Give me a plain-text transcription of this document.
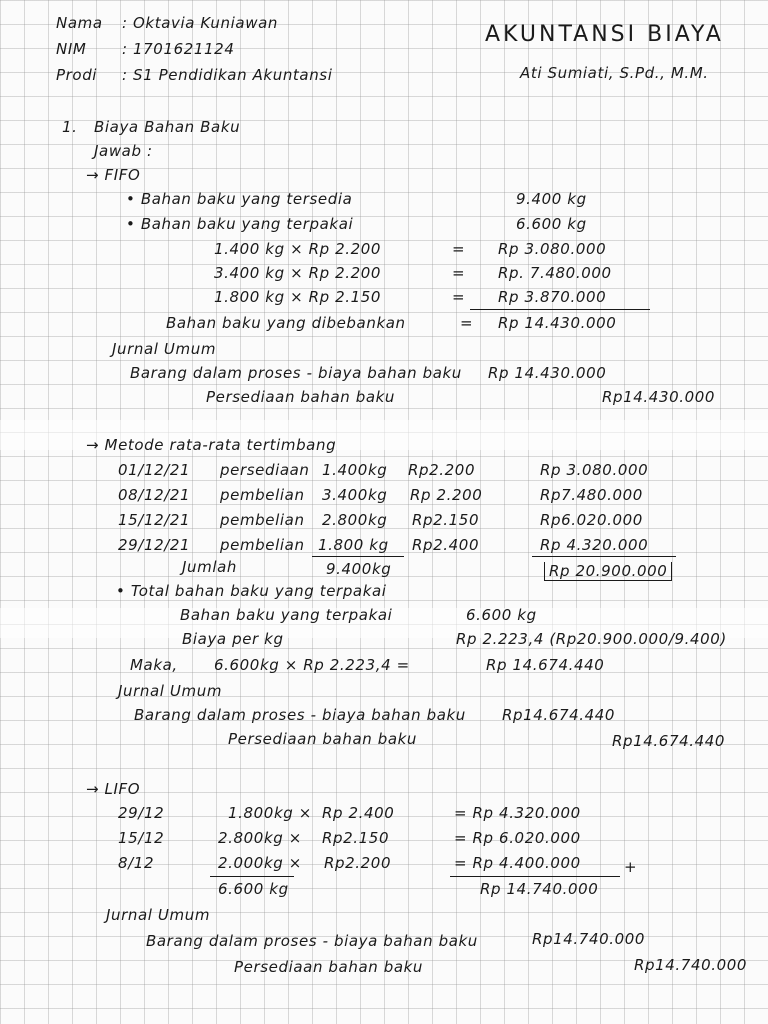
Nama : Oktavia Kuniawan
NIM : 1701621124
Prodi : S1 Pendidikan Akuntansi
AKUNTANSI BIAYA
Ati Sumiati, S.Pd., M.M.
1. Biaya Bahan Baku
Jawab :
→ FIFO
• Bahan baku yang tersedia	9.400 kg
• Bahan baku yang terpakai	6.600 kg
1.400 kg × Rp 2.200	= Rp 3.080.000
3.400 kg × Rp 2.200	= Rp. 7.480.000
1.800 kg × Rp 2.150	= Rp 3.870.000
Bahan baku yang dibebankan	= Rp 14.430.000
Jurnal Umum
Barang dalam proses - biaya bahan baku Rp 14.430.000
Persediaan bahan baku	Rp14.430.000
→ Metode rata-rata tertimbang
01/12/21 persediaan 1.400kg Rp2.200	Rp 3.080.000
08/12/21 pembelian 3.400kg Rp 2.200	Rp7.480.000
15/12/21 pembelian 2.800kg Rp2.150	Rp6.020.000
29/12/21 pembelian 1.800 kg Rp2.400	Rp 4.320.000
Jumlah	9.400kg	Rp 20.900.000
• Total bahan baku yang terpakai
Bahan baku yang terpakai	6.600 kg
Biaya per kg	Rp 2.223,4 (Rp20.900.000/9.400)
Maka, 6.600kg × Rp 2.223,4 =	Rp 14.674.440
Jurnal Umum
Barang dalam proses - biaya bahan baku Rp14.674.440
Persediaan bahan baku	Rp14.674.440
→ LIFO
29/12	1.800kg × Rp 2.400	= Rp 4.320.000
15/12	2.800kg × Rp2.150	= Rp 6.020.000
8/12	2.000kg × Rp2.200	= Rp 4.400.000	+
6.600 kg	Rp 14.740.000
Jurnal Umum
Barang dalam proses - biaya bahan baku	Rp14.740.000
Persediaan bahan baku	Rp14.740.000
